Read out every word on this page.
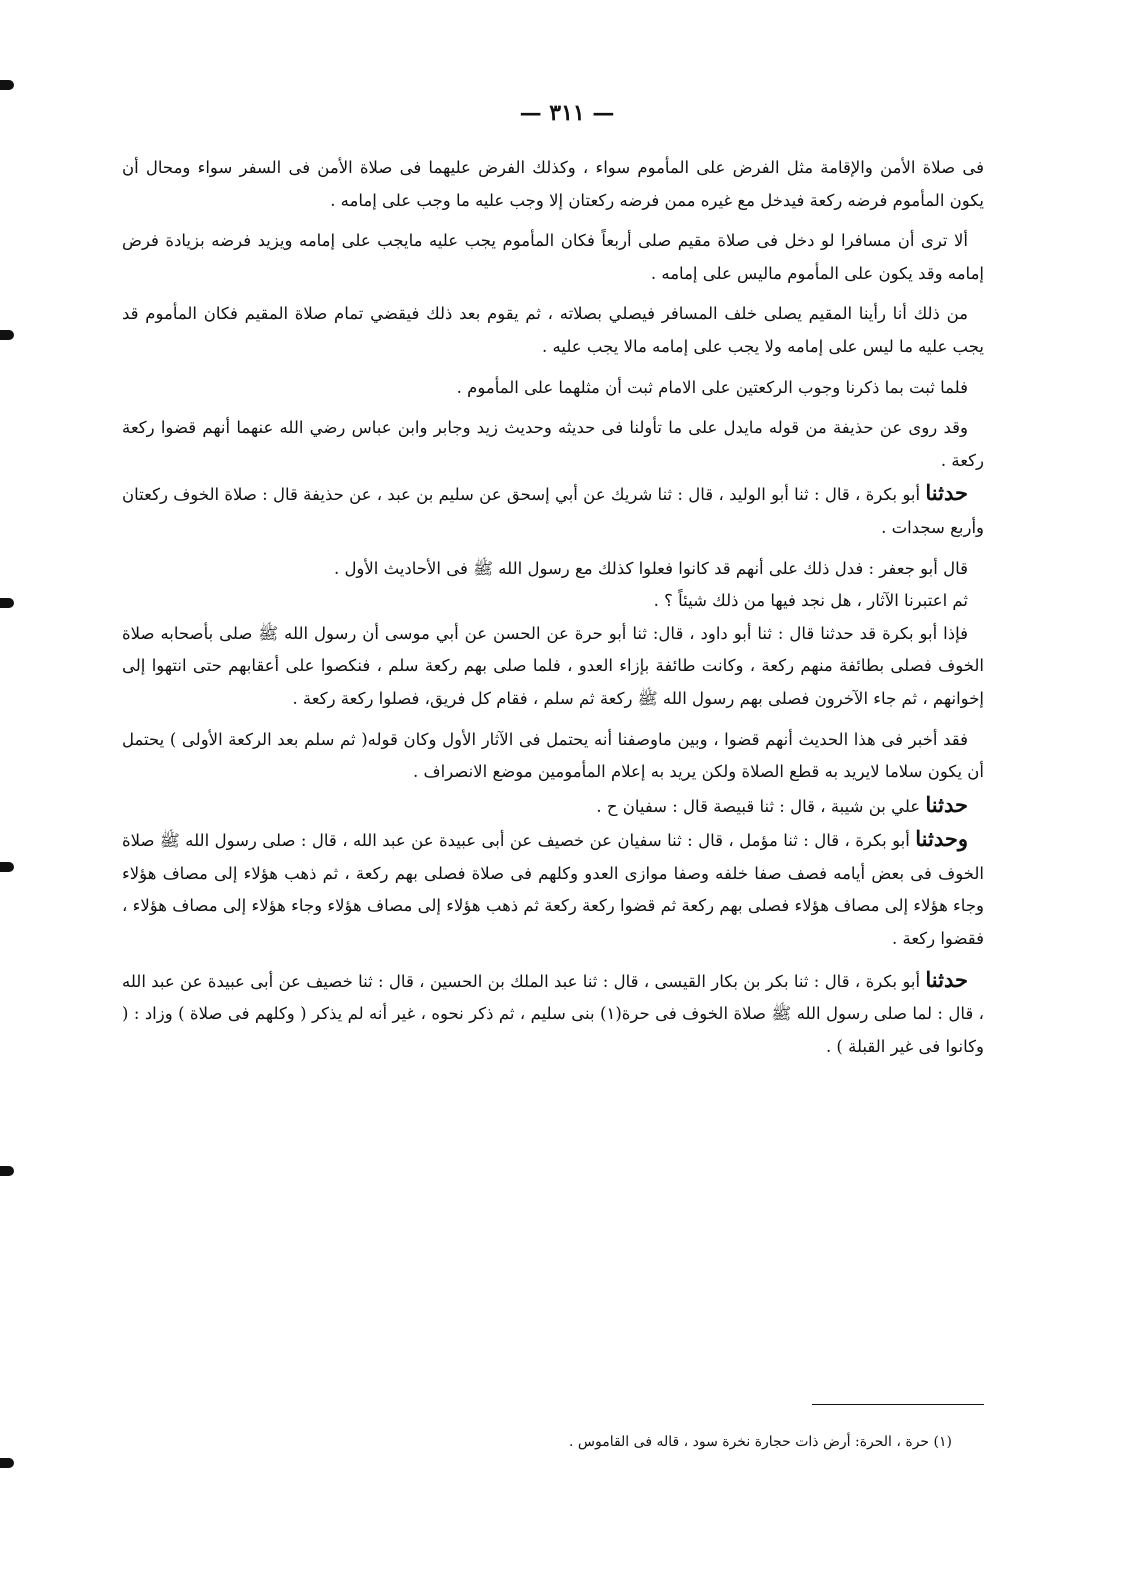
— ٣١١ —

فى صلاة الأمن والإقامة مثل الفرض على المأموم سواء ، وكذلك الفرض عليهما فى صلاة الأمن فى السفر سواء ومحال أن يكون المأموم فرضه ركعة فيدخل مع غيره ممن فرضه ركعتان إلا وجب عليه ما وجب على إمامه .

ألا ترى أن مسافرا لو دخل فى صلاة مقيم صلى أربعاً فكان المأموم يجب عليه مايجب على إمامه ويزيد فرضه بزيادة فرض إمامه وقد يكون على المأموم ماليس على إمامه .

من ذلك أنا رأينا المقيم يصلى خلف المسافر فيصلي بصلاته ، ثم يقوم بعد ذلك فيقضي تمام صلاة المقيم فكان المأموم قد يجب عليه ما ليس على إمامه ولا يجب على إمامه مالا يجب عليه .

فلما ثبت بما ذكرنا وجوب الركعتين على الامام ثبت أن مثلهما على المأموم .

وقد روى عن حذيفة من قوله مايدل على ما تأولنا فى حديثه وحديث زيد وجابر وابن عباس رضي الله عنهما أنهم قضوا ركعة ركعة .

حدثنا أبو بكرة ، قال : ثنا أبو الوليد ، قال : ثنا شريك عن أبي إسحق عن سليم بن عبد ، عن حذيفة قال : صلاة الخوف ركعتان وأربع سجدات .

قال أبو جعفر : فدل ذلك على أنهم قد كانوا فعلوا كذلك مع رسول الله ﷺ فى الأحاديث الأول .

ثم اعتبرنا الآثار ، هل نجد فيها من ذلك شيئاً ؟ .

فإذا أبو بكرة قد حدثنا قال : ثنا أبو داود ، قال: ثنا أبو حرة عن الحسن عن أبي موسى أن رسول الله ﷺ صلى بأصحابه صلاة الخوف فصلى بطائفة منهم ركعة ، وكانت طائفة بإزاء العدو ، فلما صلى بهم ركعة سلم ، فنكصوا على أعقابهم حتى انتهوا إلى إخوانهم ، ثم جاء الآخرون فصلى بهم رسول الله ﷺ ركعة ثم سلم ، فقام كل فريق، فصلوا ركعة ركعة .

فقد أخبر فى هذا الحديث أنهم قضوا ، وبين ماوصفنا أنه يحتمل فى الآثار الأول وكان قوله( ثم سلم بعد الركعة الأولى ) يحتمل أن يكون سلاما لايريد به قطع الصلاة ولكن يريد به إعلام المأمومين موضع الانصراف .

حدثنا علي بن شيبة ، قال : ثنا قبيصة قال : سفيان ح .

وحدثنا أبو بكرة ، قال : ثنا مؤمل ، قال : ثنا سفيان عن خصيف عن أبى عبيدة عن عبد الله ، قال : صلى رسول الله ﷺ صلاة الخوف فى بعض أيامه فصف صفا خلفه وصفا موازى العدو وكلهم فى صلاة فصلى بهم ركعة ، ثم ذهب هؤلاء إلى مصاف هؤلاء وجاء هؤلاء إلى مصاف هؤلاء فصلى بهم ركعة ثم قضوا ركعة ركعة ثم ذهب هؤلاء إلى مصاف هؤلاء وجاء هؤلاء إلى مصاف هؤلاء ، فقضوا ركعة .

حدثنا أبو بكرة ، قال : ثنا بكر بن بكار القيسى ، قال : ثنا عبد الملك بن الحسين ، قال : ثنا خصيف عن أبى عبيدة عن عبد الله ، قال : لما صلى رسول الله ﷺ صلاة الخوف فى حرة(١) بنى سليم ، ثم ذكر نحوه ، غير أنه لم يذكر ( وكلهم فى صلاة ) وزاد : ( وكانوا فى غير القبلة ) .

(١) حرة ، الحرة: أرض ذات حجارة نخرة سود ، قاله فى القاموس .
